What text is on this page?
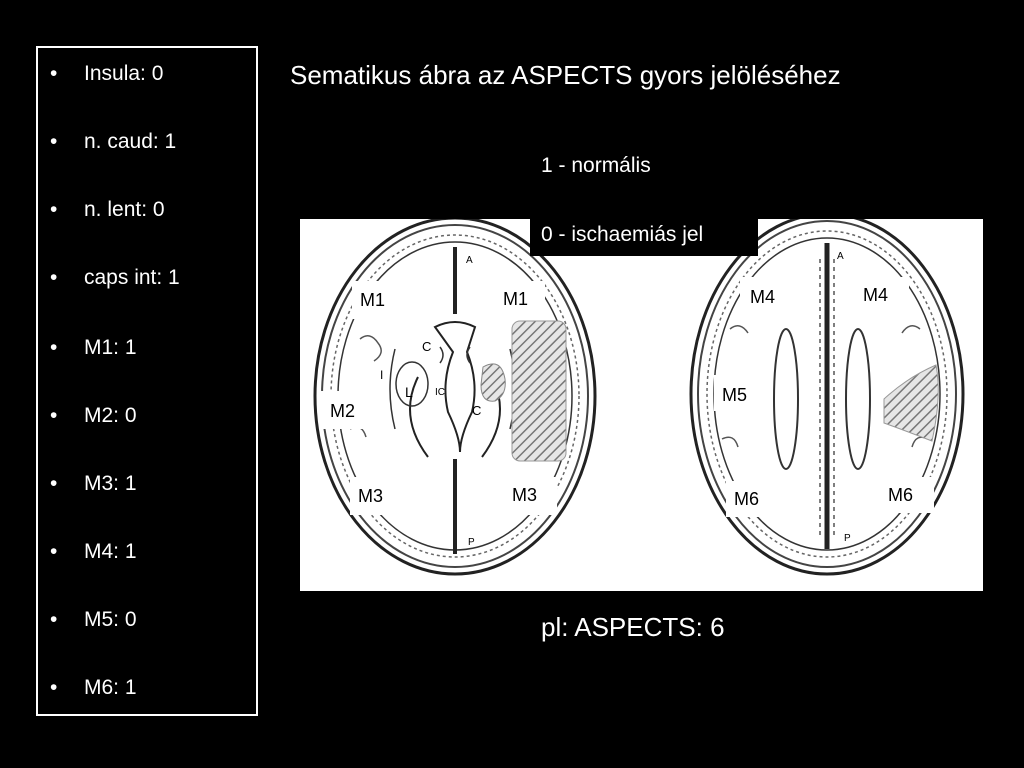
• Insula: 0
• n. caud: 1
• n. lent: 0
• caps int: 1
• M1: 1
• M2: 0
• M3: 1
• M4: 1
• M5: 0
• M6: 1
Sematikus ábra az ASPECTS gyors jelöléséhez
1 - normális
C
C
L
I
IC
A
P
M1	M1
M2
M3	M3
A
P
M4	M4
M5
M6	M6
0 - ischaemiás jel
pl: ASPECTS: 6
